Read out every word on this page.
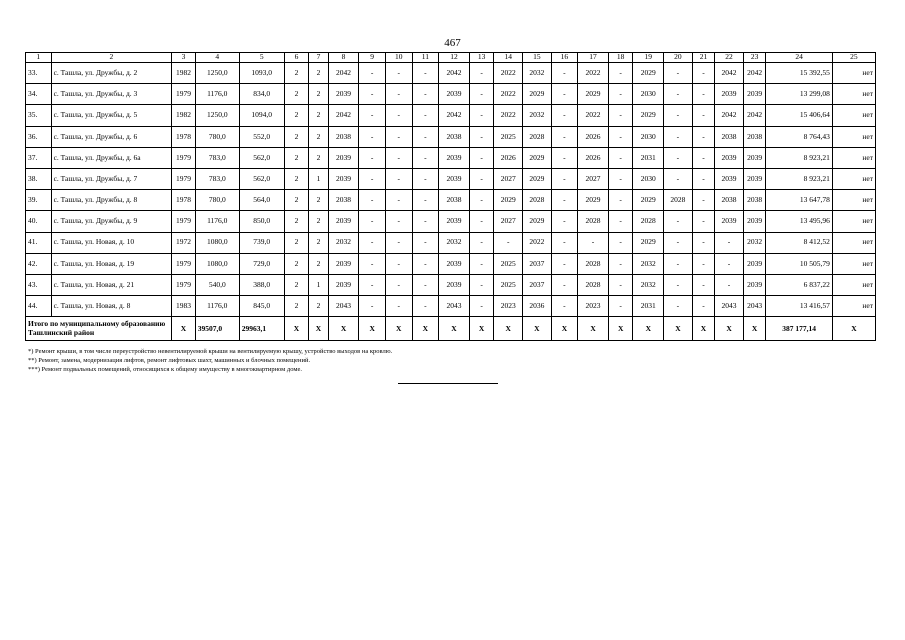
467
1	2	3	4	5	6	7	8	9	10	11	12	13	14	15	16	17	18	19	20	21	22	23	24	25
33.	с. Ташла, ул. Дружбы, д. 2	1982	1250,0	1093,0	2	2	2042	-	-	-	2042	-	2022	2032	-	2022	-	2029	-	-	2042	2042	15 392,55	нет
34.	с. Ташла, ул. Дружбы, д. 3	1979	1176,0	834,0	2	2	2039	-	-	-	2039	-	2022	2029	-	2029	-	2030	-	-	2039	2039	13 299,08	нет
35.	с. Ташла, ул. Дружбы, д. 5	1982	1250,0	1094,0	2	2	2042	-	-	-	2042	-	2022	2032	-	2022	-	2029	-	-	2042	2042	15 406,64	нет
36.	с. Ташла, ул. Дружбы, д. 6	1978	780,0	552,0	2	2	2038	-	-	-	2038	-	2025	2028	-	2026	-	2030	-	-	2038	2038	8 764,43	нет
37.	с. Ташла, ул. Дружбы, д. 6а	1979	783,0	562,0	2	2	2039	-	-	-	2039	-	2026	2029	-	2026	-	2031	-	-	2039	2039	8 923,21	нет
38.	с. Ташла, ул. Дружбы, д. 7	1979	783,0	562,0	2	1	2039	-	-	-	2039	-	2027	2029	-	2027	-	2030	-	-	2039	2039	8 923,21	нет
39.	с. Ташла, ул. Дружбы, д. 8	1978	780,0	564,0	2	2	2038	-	-	-	2038	-	2029	2028	-	2029	-	2029	2028	-	2038	2038	13 647,78	нет
40.	с. Ташла, ул. Дружбы, д. 9	1979	1176,0	850,0	2	2	2039	-	-	-	2039	-	2027	2029	-	2028	-	2028	-	-	2039	2039	13 495,96	нет
41.	с. Ташла, ул. Новая, д. 10	1972	1080,0	739,0	2	2	2032	-	-	-	2032	-	-	2022	-	-	-	2029	-	-	-	2032	8 412,52	нет
42.	с. Ташла, ул. Новая, д. 19	1979	1080,0	729,0	2	2	2039	-	-	-	2039	-	2025	2037	-	2028	-	2032	-	-	-	2039	10 505,79	нет
43.	с. Ташла, ул. Новая, д. 21	1979	540,0	388,0	2	1	2039	-	-	-	2039	-	2025	2037	-	2028	-	2032	-	-	-	2039	6 837,22	нет
44.	с. Ташла, ул. Новая, д. 8	1983	1176,0	845,0	2	2	2043	-	-	-	2043	-	2023	2036	-	2023	-	2031	-	-	2043	2043	13 416,57	нет
Итого по муниципальному образованию Ташлинский район		X	39507,0	29963,1	X	X	X	X	X	X	X	X	X	X	X	X	X	X	X	X	X	X	387 177,14	X
*) Ремонт крыши, в том числе переустройство невентилируемой крыши на вентилируемую крышу, устройство выходов на кровлю.
**) Ремонт, замена, модернизация лифтов, ремонт лифтовых шахт, машинных и блочных помещений.
***) Ремонт подвальных помещений, относящихся к общему имуществу в многоквартирном доме.
